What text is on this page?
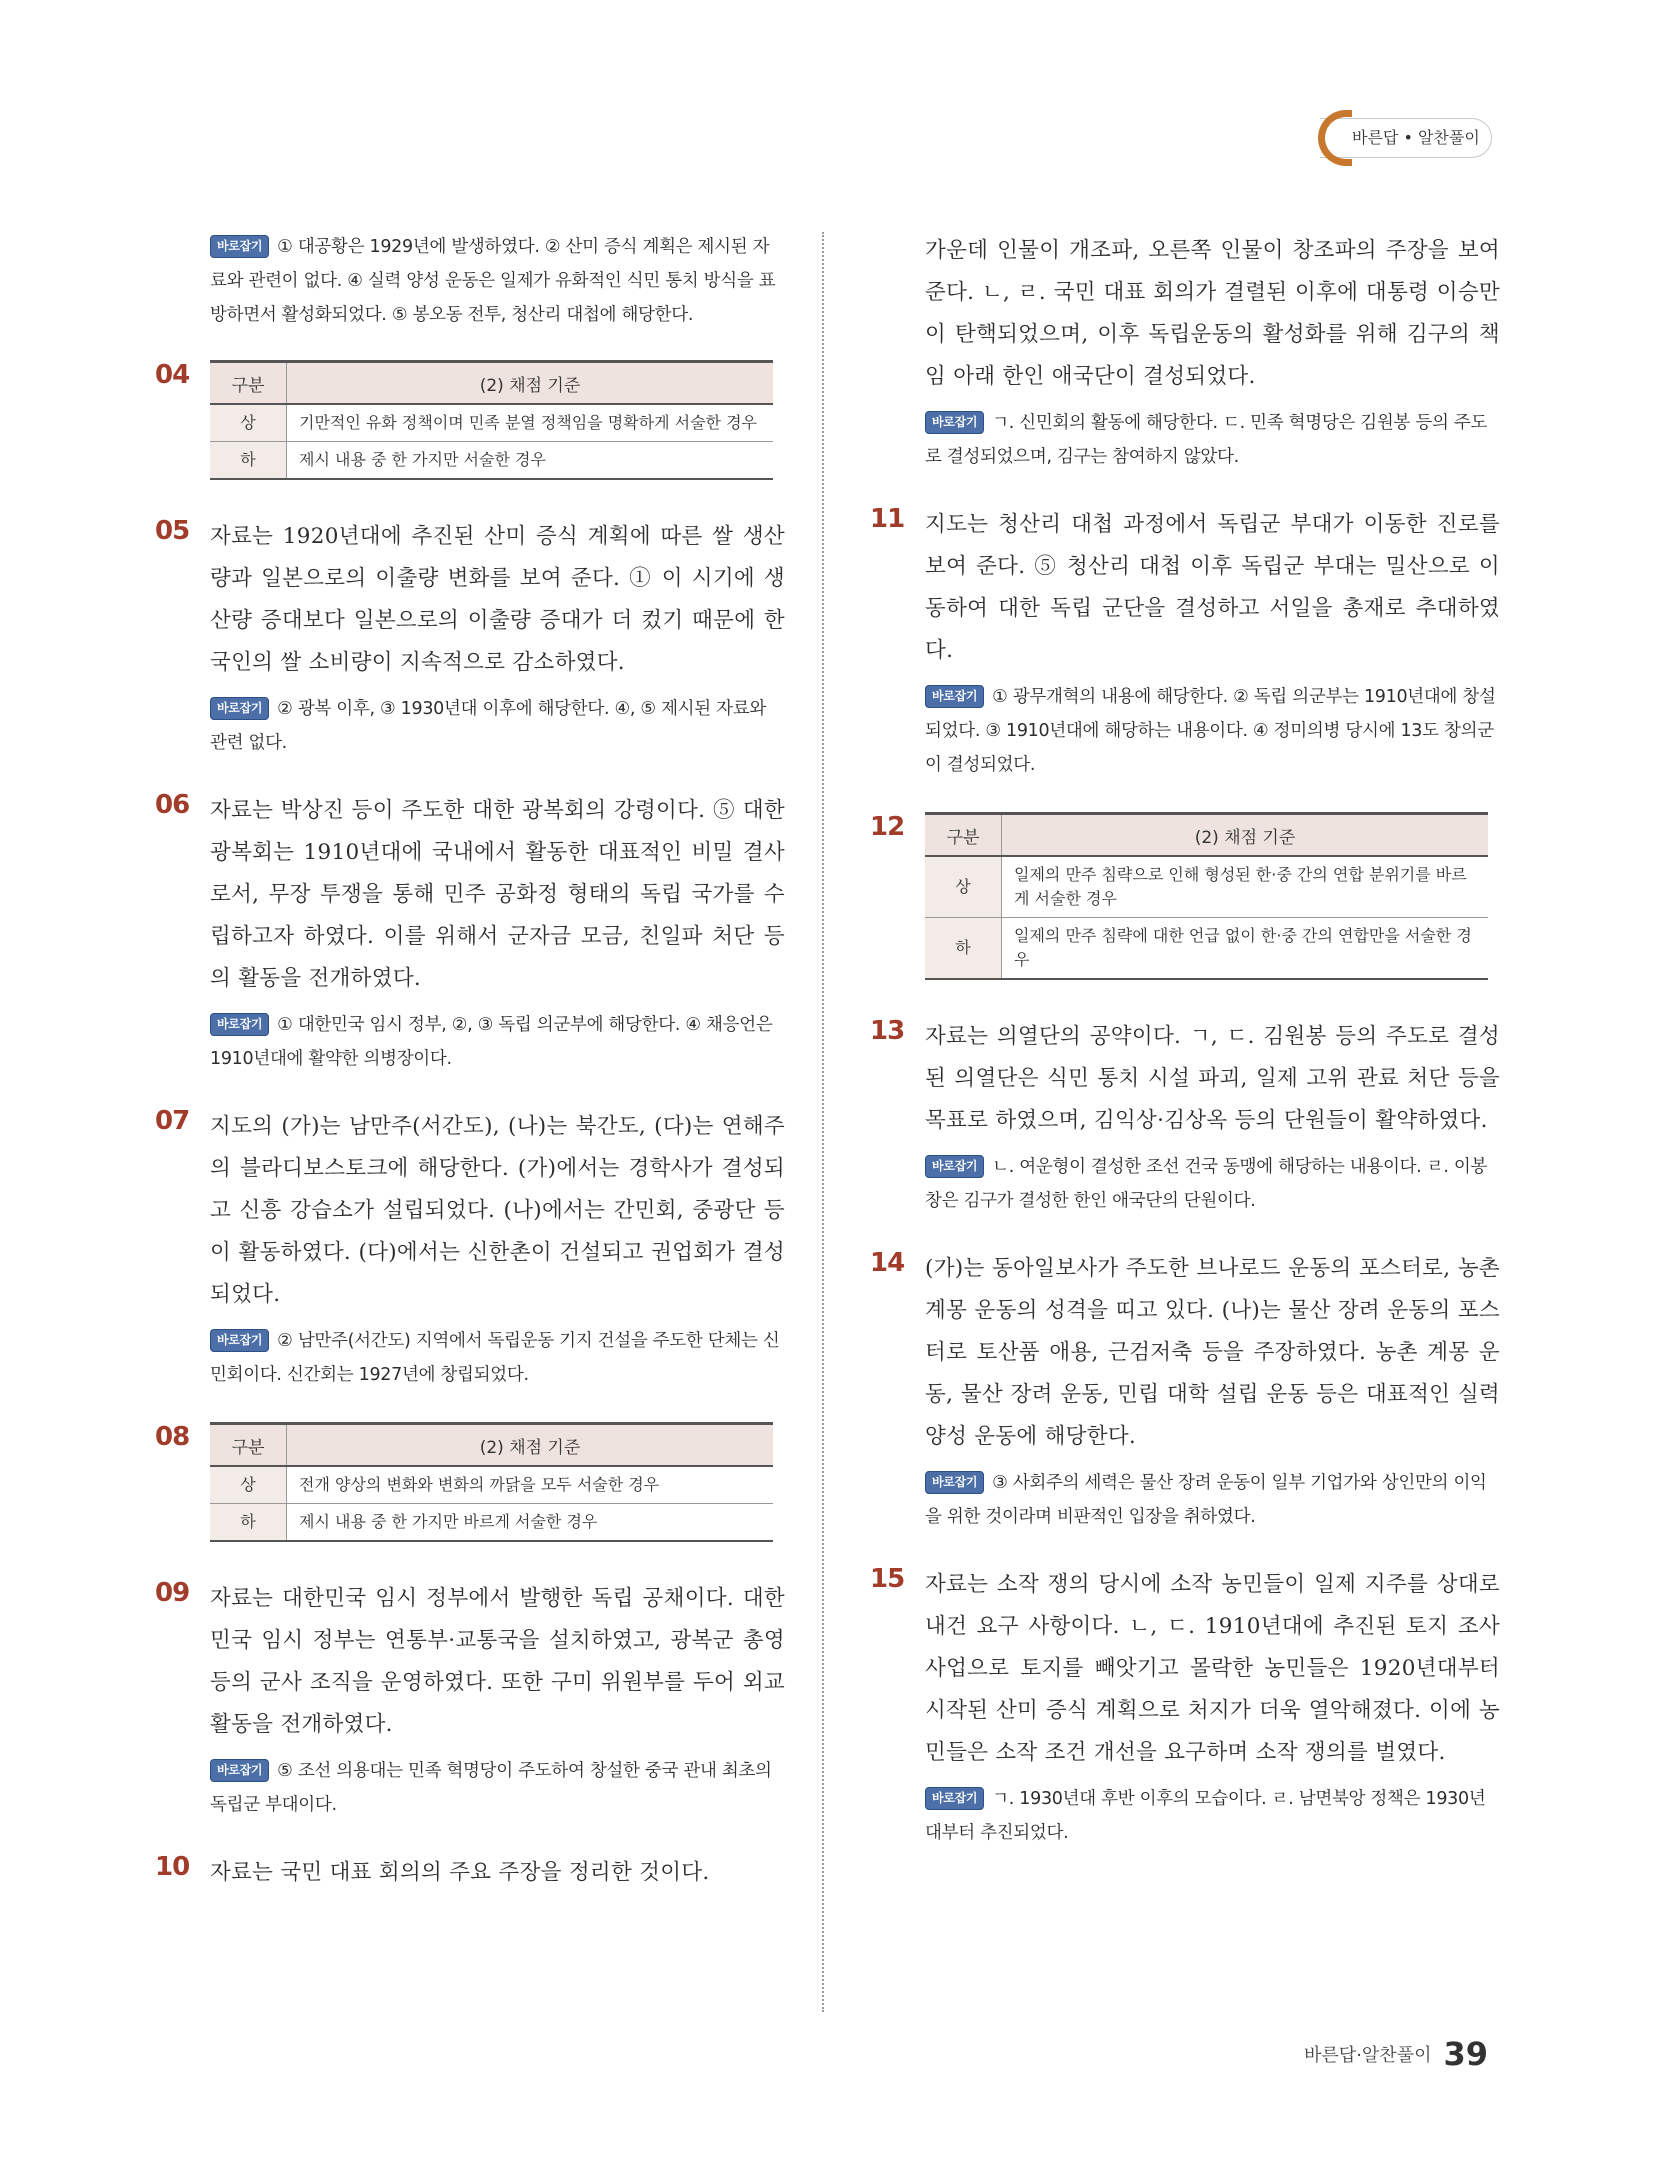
바른답 • 알찬풀이
바로잡기 ① 대공황은 1929년에 발생하였다. ② 산미 증식 계획은 제시된 자료와 관련이 없다. ④ 실력 양성 운동은 일제가 유화적인 식민 통치 방식을 표방하면서 활성화되었다. ⑤ 봉오동 전투, 청산리 대첩에 해당한다.
04 구분	(2) 채점 기준
상	기만적인 유화 정책이며 민족 분열 정책임을 명확하게 서술한 경우
하	제시 내용 중 한 가지만 서술한 경우
05 자료는 1920년대에 추진된 산미 증식 계획에 따른 쌀 생산량과 일본으로의 이출량 변화를 보여 준다. ① 이 시기에 생산량 증대보다 일본으로의 이출량 증대가 더 컸기 때문에 한국인의 쌀 소비량이 지속적으로 감소하였다.

바로잡기 ② 광복 이후, ③ 1930년대 이후에 해당한다. ④, ⑤ 제시된 자료와 관련 없다.
06 자료는 박상진 등이 주도한 대한 광복회의 강령이다. ⑤ 대한 광복회는 1910년대에 국내에서 활동한 대표적인 비밀 결사로서, 무장 투쟁을 통해 민주 공화정 형태의 독립 국가를 수립하고자 하였다. 이를 위해서 군자금 모금, 친일파 처단 등의 활동을 전개하였다.

바로잡기 ① 대한민국 임시 정부, ②, ③ 독립 의군부에 해당한다. ④ 채응언은 1910년대에 활약한 의병장이다.
07 지도의 (가)는 남만주(서간도), (나)는 북간도, (다)는 연해주의 블라디보스토크에 해당한다. (가)에서는 경학사가 결성되고 신흥 강습소가 설립되었다. (나)에서는 간민회, 중광단 등이 활동하였다. (다)에서는 신한촌이 건설되고 권업회가 결성되었다.

바로잡기 ② 남만주(서간도) 지역에서 독립운동 기지 건설을 주도한 단체는 신민회이다. 신간회는 1927년에 창립되었다.
08 구분	(2) 채점 기준
상	전개 양상의 변화와 변화의 까닭을 모두 서술한 경우
하	제시 내용 중 한 가지만 바르게 서술한 경우
09 자료는 대한민국 임시 정부에서 발행한 독립 공채이다. 대한민국 임시 정부는 연통부·교통국을 설치하였고, 광복군 총영 등의 군사 조직을 운영하였다. 또한 구미 위원부를 두어 외교 활동을 전개하였다.

바로잡기 ⑤ 조선 의용대는 민족 혁명당이 주도하여 창설한 중국 관내 최초의 독립군 부대이다.
10 자료는 국민 대표 회의의 주요 주장을 정리한 것이다.

가운데 인물이 개조파, 오른쪽 인물이 창조파의 주장을 보여 준다. ㄴ, ㄹ. 국민 대표 회의가 결렬된 이후에 대통령 이승만이 탄핵되었으며, 이후 독립운동의 활성화를 위해 김구의 책임 아래 한인 애국단이 결성되었다.

바로잡기 ㄱ. 신민회의 활동에 해당한다. ㄷ. 민족 혁명당은 김원봉 등의 주도로 결성되었으며, 김구는 참여하지 않았다.
11 지도는 청산리 대첩 과정에서 독립군 부대가 이동한 진로를 보여 준다. ⑤ 청산리 대첩 이후 독립군 부대는 밀산으로 이동하여 대한 독립 군단을 결성하고 서일을 총재로 추대하였다.

바로잡기 ① 광무개혁의 내용에 해당한다. ② 독립 의군부는 1910년대에 창설되었다. ③ 1910년대에 해당하는 내용이다. ④ 정미의병 당시에 13도 창의군이 결성되었다.
12 구분	(2) 채점 기준
상	일제의 만주 침략으로 인해 형성된 한·중 간의 연합 분위기를 바르게 서술한 경우
하	일제의 만주 침략에 대한 언급 없이 한·중 간의 연합만을 서술한 경우
13 자료는 의열단의 공약이다. ㄱ, ㄷ. 김원봉 등의 주도로 결성된 의열단은 식민 통치 시설 파괴, 일제 고위 관료 처단 등을 목표로 하였으며, 김익상·김상옥 등의 단원들이 활약하였다.

바로잡기 ㄴ. 여운형이 결성한 조선 건국 동맹에 해당하는 내용이다. ㄹ. 이봉창은 김구가 결성한 한인 애국단의 단원이다.
14 (가)는 동아일보사가 주도한 브나로드 운동의 포스터로, 농촌 계몽 운동의 성격을 띠고 있다. (나)는 물산 장려 운동의 포스터로 토산품 애용, 근검저축 등을 주장하였다. 농촌 계몽 운동, 물산 장려 운동, 민립 대학 설립 운동 등은 대표적인 실력 양성 운동에 해당한다.

바로잡기 ③ 사회주의 세력은 물산 장려 운동이 일부 기업가와 상인만의 이익을 위한 것이라며 비판적인 입장을 취하였다.
15 자료는 소작 쟁의 당시에 소작 농민들이 일제 지주를 상대로 내건 요구 사항이다. ㄴ, ㄷ. 1910년대에 추진된 토지 조사 사업으로 토지를 빼앗기고 몰락한 농민들은 1920년대부터 시작된 산미 증식 계획으로 처지가 더욱 열악해졌다. 이에 농민들은 소작 조건 개선을 요구하며 소작 쟁의를 벌였다.

바로잡기 ㄱ. 1930년대 후반 이후의 모습이다. ㄹ. 남면북앙 정책은 1930년대부터 추진되었다.
바른답·알찬풀이 39
